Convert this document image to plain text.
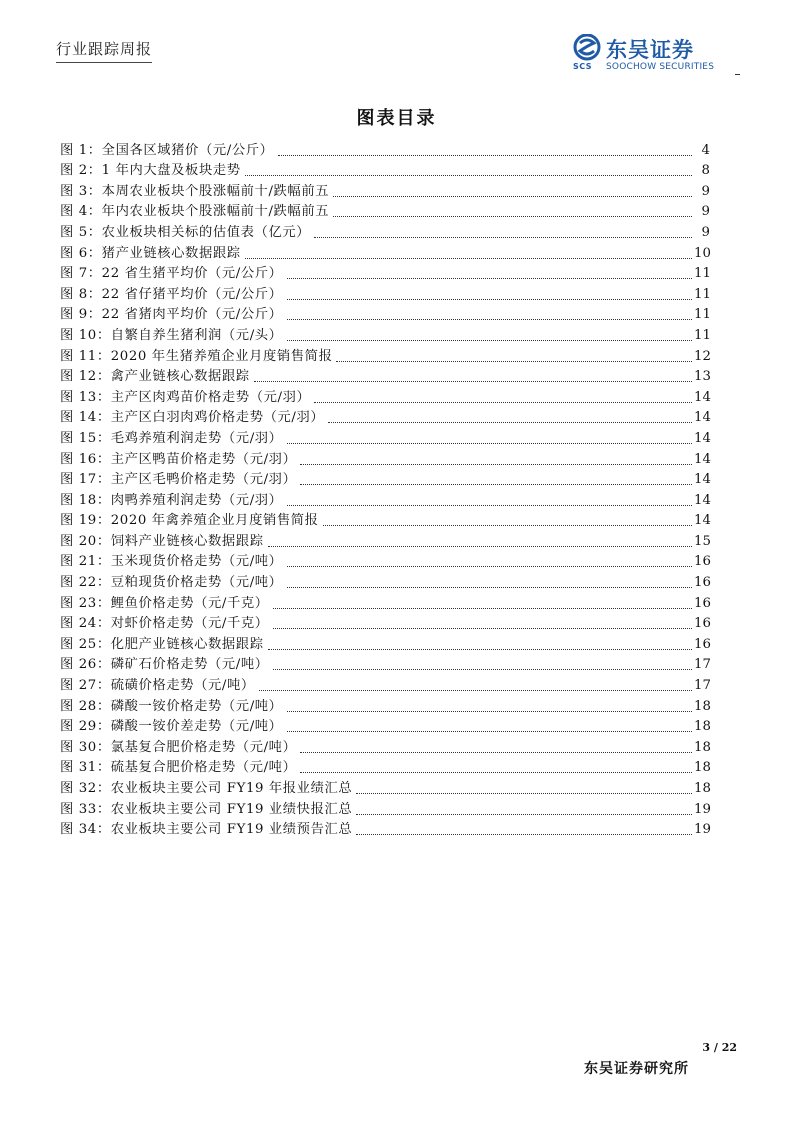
行业跟踪周报
SCS
东吴证券
SOOCHOW SECURITIES
图表目录
图 1：全国各区域猪价（元/公斤）	4
图 2：1 年内大盘及板块走势	8
图 3：本周农业板块个股涨幅前十/跌幅前五	9
图 4：年内农业板块个股涨幅前十/跌幅前五	9
图 5：农业板块相关标的估值表（亿元）	9
图 6：猪产业链核心数据跟踪	10
图 7：22 省生猪平均价（元/公斤）	11
图 8：22 省仔猪平均价（元/公斤）	11
图 9：22 省猪肉平均价（元/公斤）	11
图 10：自繁自养生猪利润（元/头）	11
图 11：2020 年生猪养殖企业月度销售简报	12
图 12：禽产业链核心数据跟踪	13
图 13：主产区肉鸡苗价格走势（元/羽）	14
图 14：主产区白羽肉鸡价格走势（元/羽）	14
图 15：毛鸡养殖利润走势（元/羽）	14
图 16：主产区鸭苗价格走势（元/羽）	14
图 17：主产区毛鸭价格走势（元/羽）	14
图 18：肉鸭养殖利润走势（元/羽）	14
图 19：2020 年禽养殖企业月度销售简报	14
图 20：饲料产业链核心数据跟踪	15
图 21：玉米现货价格走势（元/吨）	16
图 22：豆粕现货价格走势（元/吨）	16
图 23：鲤鱼价格走势（元/千克）	16
图 24：对虾价格走势（元/千克）	16
图 25：化肥产业链核心数据跟踪	16
图 26：磷矿石价格走势（元/吨）	17
图 27：硫磺价格走势（元/吨）	17
图 28：磷酸一铵价格走势（元/吨）	18
图 29：磷酸一铵价差走势（元/吨）	18
图 30：氯基复合肥价格走势（元/吨）	18
图 31：硫基复合肥价格走势（元/吨）	18
图 32：农业板块主要公司 FY19 年报业绩汇总	18
图 33：农业板块主要公司 FY19 业绩快报汇总	19
图 34：农业板块主要公司 FY19 业绩预告汇总	19
3 / 22
东吴证券研究所
